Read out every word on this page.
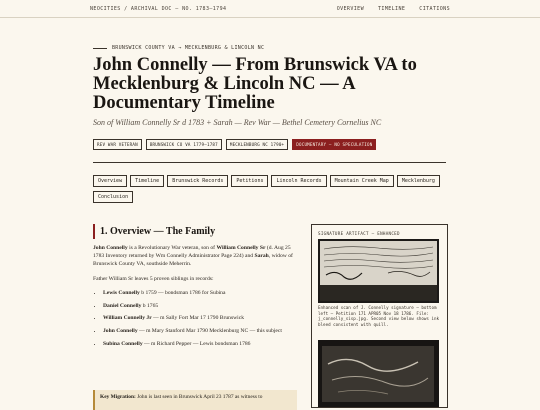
NEOCITIES / ARCHIVAL DOC — NO. 1783–1794	OVERVIEW	TIMELINE	CITATIONS
BRUNSWICK COUNTY VA → MECKLENBURG & LINCOLN NC
John Connelly — From Brunswick VA to Mecklenburg & Lincoln NC — A Documentary Timeline
Son of William Connelly Sr d 1783 + Sarah — Rev War — Bethel Cemetery Cornelius NC
REV WAR VETERAN	BRUNSWICK CO VA 1779–1787	MECKLENBURG NC 1790+	DOCUMENTARY — NO SPECULATION
Overview	Timeline	Brunswick Records	Petitions	Lincoln Records	Mountain Creek Map	Mecklenburg
Conclusion
1. Overview — The Family

John Connelly is a Revolutionary War veteran, son of William Connelly Sr (d. Aug 25 1783 Inventory returned by Wm Connelly Administrator Page 224) and Sarah, widow of Brunswick County VA, southside Meherrin.

Father William Sr leaves 5 proven siblings in records:

• Lewis Connelly b 1759 — bondsman 1786 for Subina
• Daniel Connelly b 1765
• William Connelly Jr — m Sally Fort Mar 17 1790 Brunswick
• John Connelly — m Mary Stanford Mar 1790 Mecklenburg NC — this subject
• Subina Connelly — m Richard Pepper — Lewis bondsman 1786
Key Migration: John is last seen in Brunswick April 23 1787 as witness to
SIGNATURE ARTIFACT — ENHANCED
Enhanced scan of J. Connelly signature — bottom left — Petition 171 APR05 Nov 18 1786. File: j_connelly_sisp.jpg. Second view below shows ink bleed consistent with quill.
